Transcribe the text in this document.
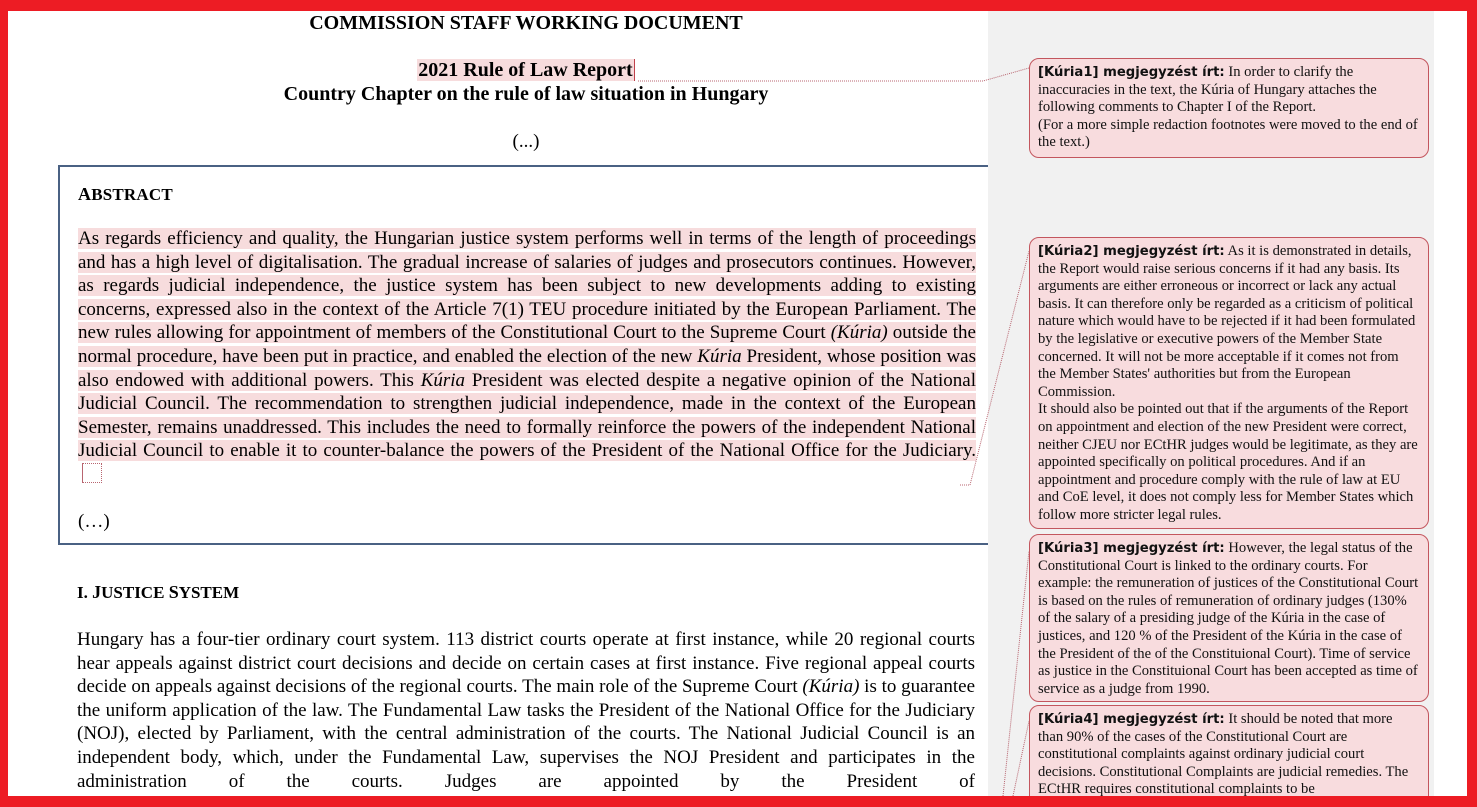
COMMISSION STAFF WORKING DOCUMENT
2021 Rule of Law Report
Country Chapter on the rule of law situation in Hungary
(...)
ABSTRACT
As regards efficiency and quality, the Hungarian justice system performs well in terms of the length of proceedings and has a high level of digitalisation. The gradual increase of salaries of judges and prosecutors continues. However, as regards judicial independence, the justice system has been subject to new developments adding to existing concerns, expressed also in the context of the Article 7(1) TEU procedure initiated by the European Parliament. The new rules allowing for appointment of members of the Constitutional Court to the Supreme Court (Kúria) outside the normal procedure, have been put in practice, and enabled the election of the new Kúria President, whose position was also endowed with additional powers. This Kúria President was elected despite a negative opinion of the National Judicial Council. The recommendation to strengthen judicial independence, made in the context of the European Semester, remains unaddressed. This includes the need to formally reinforce the powers of the independent National Judicial Council to enable it to counter-balance the powers of the President of the National Office for the Judiciary.
(…)
I. JUSTICE SYSTEM

Hungary has a four-tier ordinary court system. 113 district courts operate at first instance, while 20 regional courts hear appeals against district court decisions and decide on certain cases at first instance. Five regional appeal courts decide on appeals against decisions of the regional courts. The main role of the Supreme Court (Kúria) is to guarantee the uniform application of the law. The Fundamental Law tasks the President of the National Office for the Judiciary (NOJ), elected by Parliament, with the central administration of the courts. The National Judicial Council is an independent body, which, under the Fundamental Law, supervises the NOJ President and participates in the administration of the courts. Judges are appointed by the President of

[Kúria1] megjegyzést írt: In order to clarify the inaccuracies in the text, the Kúria of Hungary attaches the following comments to Chapter I of the Report.
(For a more simple redaction footnotes were moved to the end of the text.)
[Kúria2] megjegyzést írt: As it is demonstrated in details, the Report would raise serious concerns if it had any basis. Its arguments are either erroneous or incorrect or lack any actual basis. It can therefore only be regarded as a criticism of political nature which would have to be rejected if it had been formulated by the legislative or executive powers of the Member State concerned. It will not be more acceptable if it comes not from the Member States' authorities but from the European Commission.
It should also be pointed out that if the arguments of the Report on appointment and election of the new President were correct, neither CJEU nor ECtHR judges would be legitimate, as they are appointed specifically on political procedures. And if an appointment and procedure comply with the rule of law at EU and CoE level, it does not comply less for Member States which follow more stricter legal rules.
[Kúria3] megjegyzést írt: However, the legal status of the Constitutional Court is linked to the ordinary courts. For example: the remuneration of justices of the Constitutional Court is based on the rules of remuneration of ordinary judges (130% of the salary of a presiding judge of the Kúria in the case of justices, and 120 % of the President of the Kúria in the case of the President of the of the Constituional Court). Time of service as justice in the Constituional Court has been accepted as time of service as a judge from 1990.
[Kúria4] megjegyzést írt: It should be noted that more than 90% of the cases of the Constitutional Court are constitutional complaints against ordinary judicial court decisions. Constitutional Complaints are judicial remedies. The ECtHR requires constitutional complaints to be
